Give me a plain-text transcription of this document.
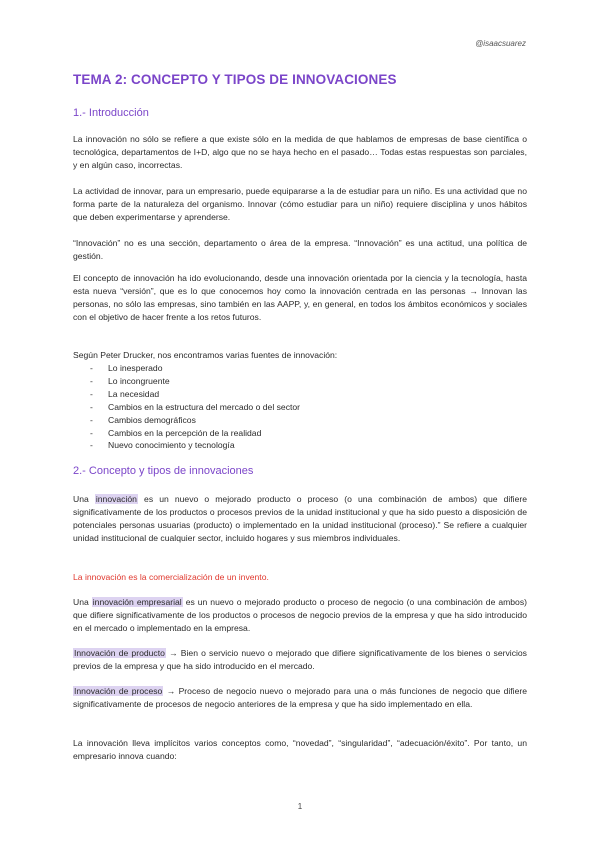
@isaacsuarez
TEMA 2: CONCEPTO Y TIPOS DE INNOVACIONES
1.- Introducción

La innovación no sólo se refiere a que existe sólo en la medida de que hablamos de empresas de base científica o tecnológica, departamentos de I+D, algo que no se haya hecho en el pasado… Todas estas respuestas son parciales, y en algún caso, incorrectas.

La actividad de innovar, para un empresario, puede equipararse a la de estudiar para un niño. Es una actividad que no forma parte de la naturaleza del organismo. Innovar (cómo estudiar para un niño) requiere disciplina y unos hábitos que deben experimentarse y aprenderse.

“Innovación” no es una sección, departamento o área de la empresa. “Innovación” es una actitud, una política de gestión.

El concepto de innovación ha ido evolucionando, desde una innovación orientada por la ciencia y la tecnología, hasta esta nueva “versión”, que es lo que conocemos hoy como la innovación centrada en las personas → Innovan las personas, no sólo las empresas, sino también en las AAPP, y, en general, en todos los ámbitos económicos y sociales con el objetivo de hacer frente a los retos futuros.

Según Peter Drucker, nos encontramos varias fuentes de innovación:

- Lo inesperado
- Lo incongruente
- La necesidad
- Cambios en la estructura del mercado o del sector
- Cambios demográficos
- Cambios en la percepción de la realidad
- Nuevo conocimiento y tecnología
2.- Concepto y tipos de innovaciones

Una innovación es un nuevo o mejorado producto o proceso (o una combinación de ambos) que difiere significativamente de los productos o procesos previos de la unidad institucional y que ha sido puesto a disposición de potenciales personas usuarias (producto) o implementado en la unidad institucional (proceso).” Se refiere a cualquier unidad institucional de cualquier sector, incluido hogares y sus miembros individuales.

La innovación es la comercialización de un invento.

Una innovación empresarial es un nuevo o mejorado producto o proceso de negocio (o una combinación de ambos) que difiere significativamente de los productos o procesos de negocio previos de la empresa y que ha sido introducido en el mercado o implementado en la empresa.

Innovación de producto → Bien o servicio nuevo o mejorado que difiere significativamente de los bienes o servicios previos de la empresa y que ha sido introducido en el mercado.

Innovación de proceso → Proceso de negocio nuevo o mejorado para una o más funciones de negocio que difiere significativamente de procesos de negocio anteriores de la empresa y que ha sido implementado en ella.

La innovación lleva implícitos varios conceptos como, “novedad”, “singularidad”, “adecuación/éxito”. Por tanto, un empresario innova cuando:

1
